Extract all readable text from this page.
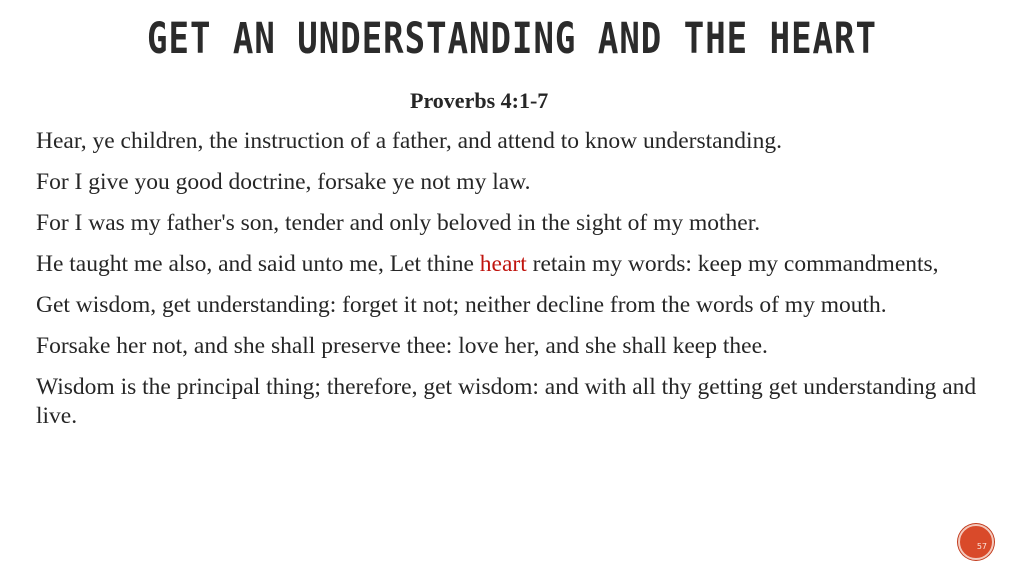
GET AN UNDERSTANDING AND THE HEART
Proverbs 4:1-7

Hear, ye children, the instruction of a father, and attend to know understanding.

For I give you good doctrine, forsake ye not my law.

For I was my father's son, tender and only beloved in the sight of my mother.

He taught me also, and said unto me, Let thine heart retain my words: keep my commandments,

Get wisdom, get understanding: forget it not; neither decline from the words of my mouth.

Forsake her not, and she shall preserve thee: love her, and she shall keep thee.

Wisdom is the principal thing; therefore, get wisdom: and with all thy getting get understanding and live.

57
